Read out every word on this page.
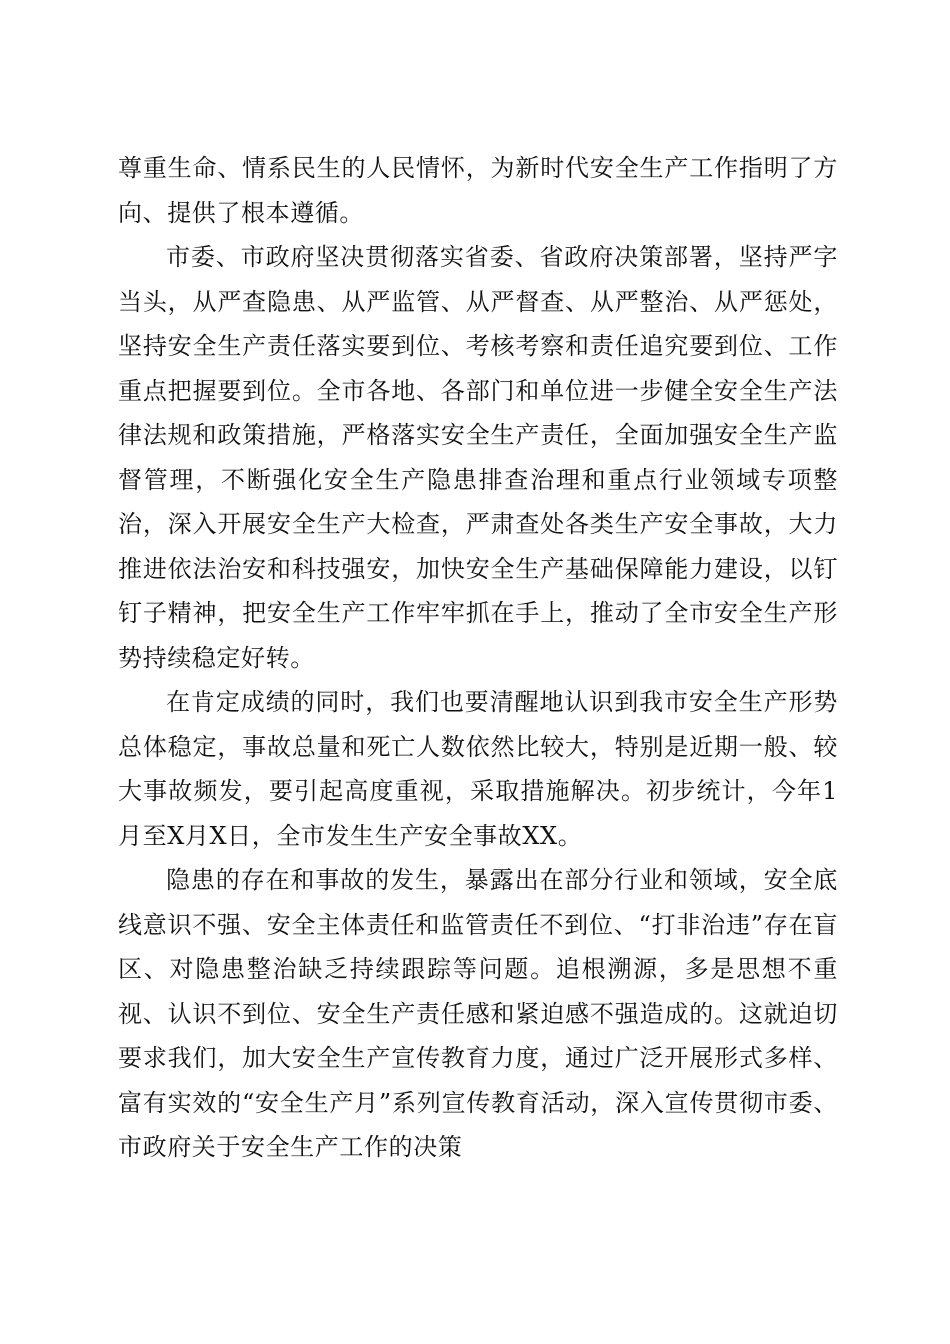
尊重生命、情系民生的人民情怀，为新时代安全生产工作指明了方向、提供了根本遵循。

市委、市政府坚决贯彻落实省委、省政府决策部署，坚持严字当头，从严查隐患、从严监管、从严督查、从严整治、从严惩处，坚持安全生产责任落实要到位、考核考察和责任追究要到位、工作重点把握要到位。全市各地、各部门和单位进一步健全安全生产法律法规和政策措施，严格落实安全生产责任，全面加强安全生产监督管理，不断强化安全生产隐患排查治理和重点行业领域专项整治，深入开展安全生产大检查，严肃查处各类生产安全事故，大力推进依法治安和科技强安，加快安全生产基础保障能力建设，以钉钉子精神，把安全生产工作牢牢抓在手上，推动了全市安全生产形势持续稳定好转。

在肯定成绩的同时，我们也要清醒地认识到我市安全生产形势总体稳定，事故总量和死亡人数依然比较大，特别是近期一般、较大事故频发，要引起高度重视，采取措施解决。初步统计，今年1月至X月X日，全市发生生产安全事故XX。

隐患的存在和事故的发生，暴露出在部分行业和领域，安全底线意识不强、安全主体责任和监管责任不到位、“打非治违”存在盲区、对隐患整治缺乏持续跟踪等问题。追根溯源，多是思想不重视、认识不到位、安全生产责任感和紧迫感不强造成的。这就迫切要求我们，加大安全生产宣传教育力度，通过广泛开展形式多样、富有实效的“安全生产月”系列宣传教育活动，深入宣传贯彻市委、市政府关于安全生产工作的决策
